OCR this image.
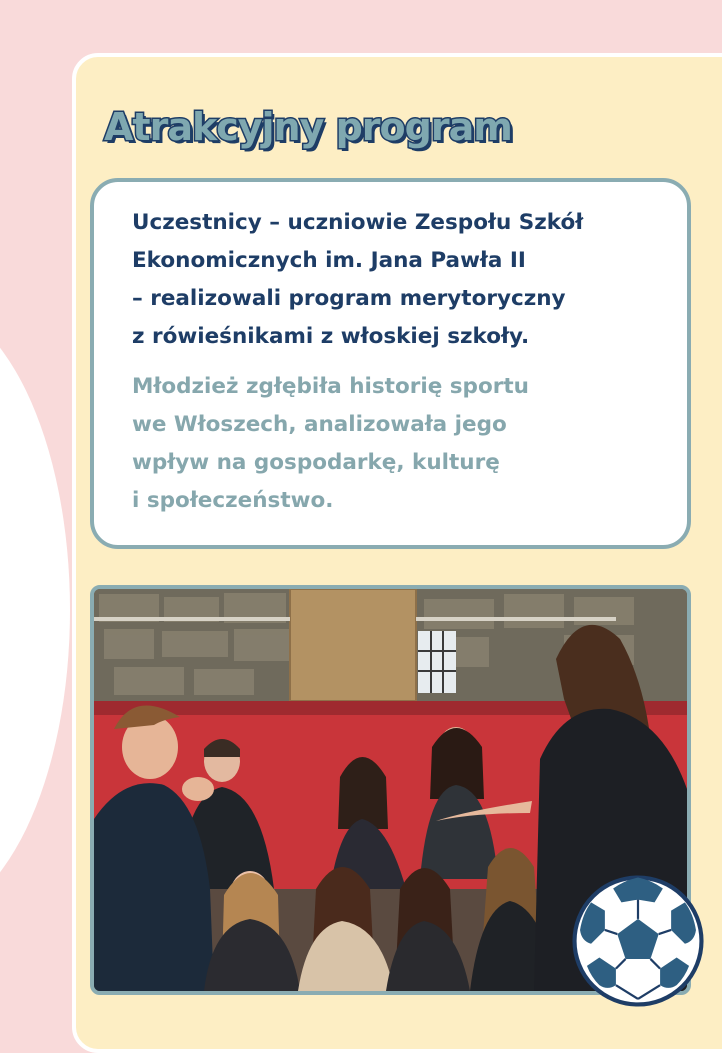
Atrakcyjny program

Uczestnicy – uczniowie Zespołu Szkół
Ekonomicznych im. Jana Pawła II
– realizowali program merytoryczny
z rówieśnikami z włoskiej szkoły.

Młodzież zgłębiła historię sportu
we Włoszech, analizowała jego
wpływ na gospodarkę, kulturę
i społeczeństwo.
